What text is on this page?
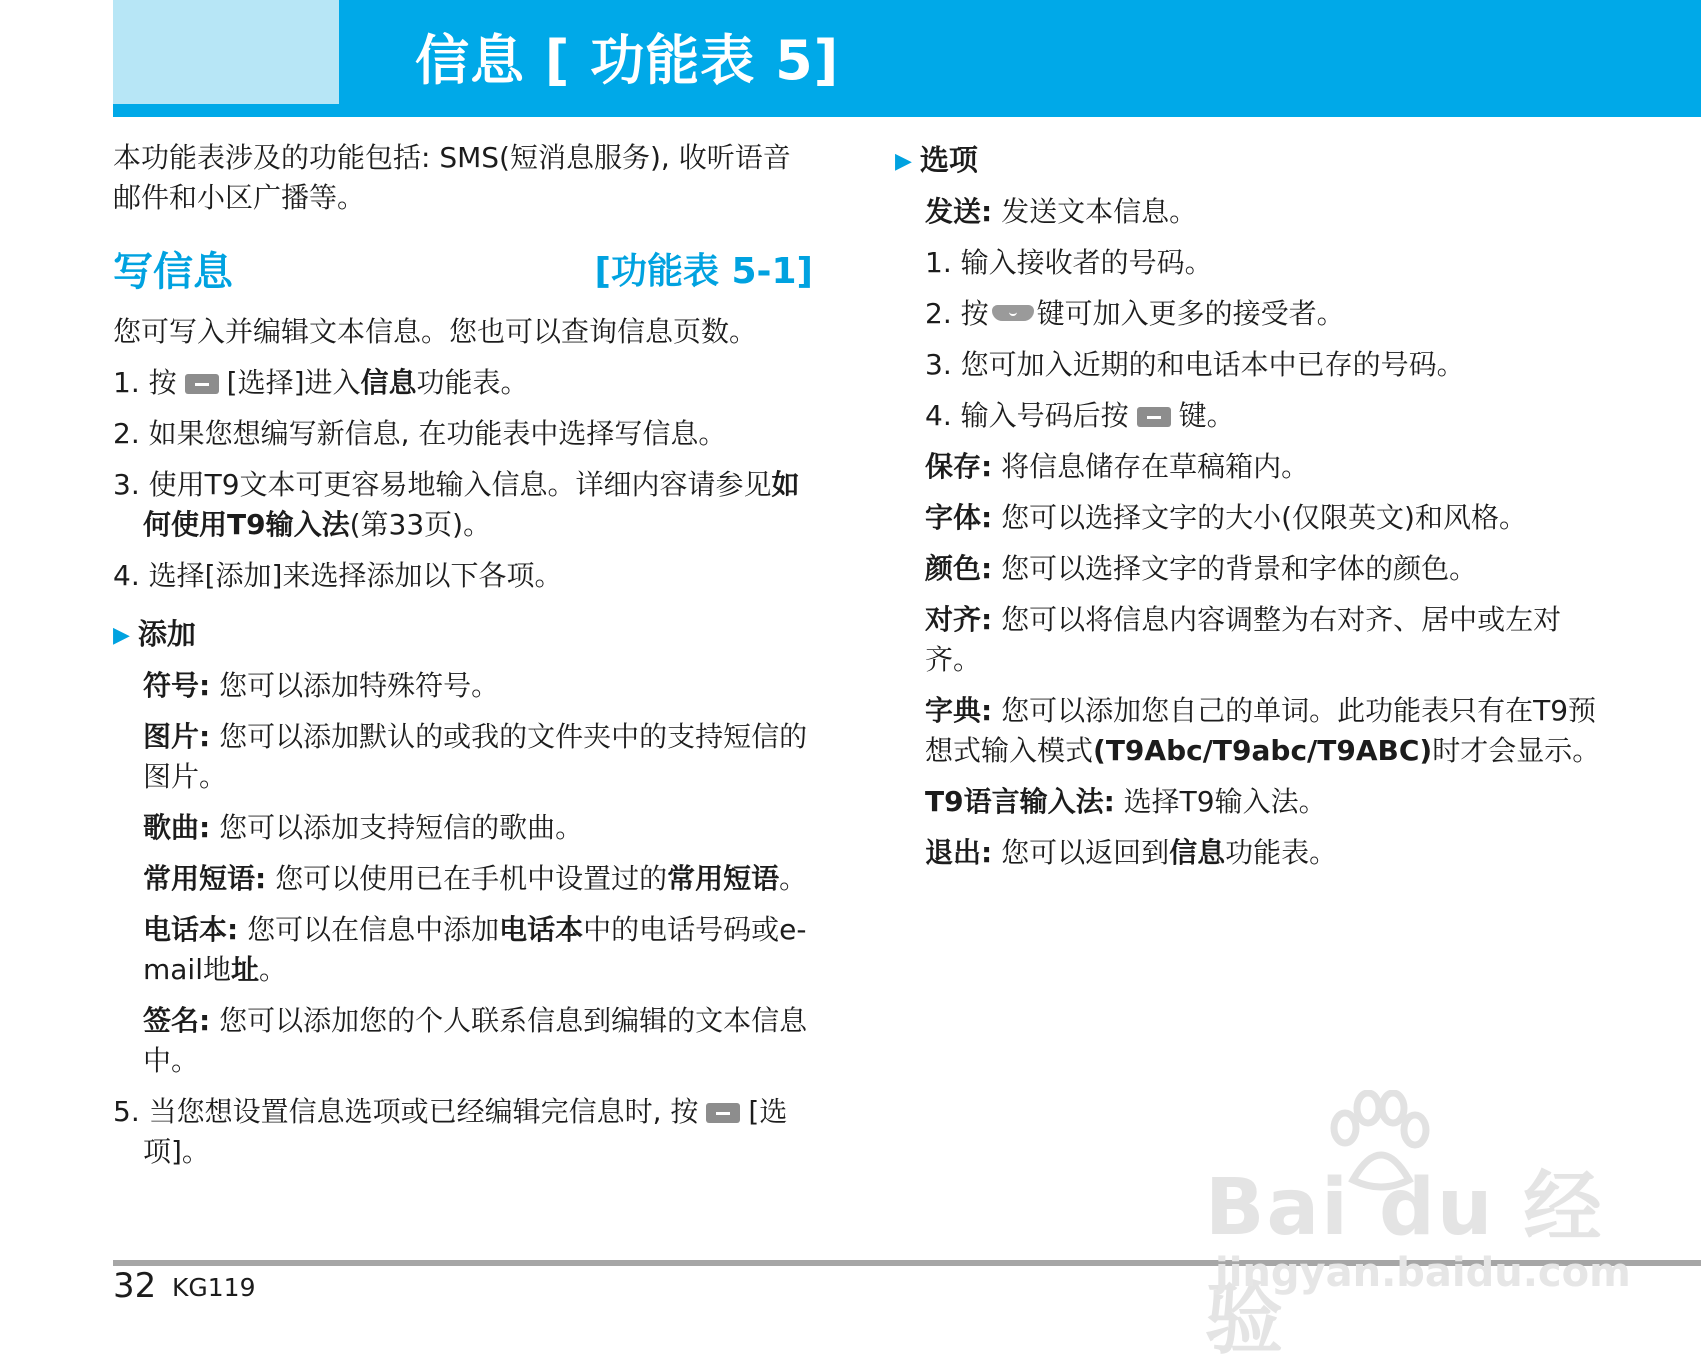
信息 [ 功能表 5]

本功能表涉及的功能包括: SMS(短消息服务), 收听语音邮件和小区广播等。

写信息	[功能表 5-1]

您可写入并编辑文本信息。您也可以查询信息页数。

1. 按 [选择]进入信息功能表。

2. 如果您想编写新信息, 在功能表中选择写信息。

3. 使用T9文本可更容易地输入信息。详细内容请参见如何使用T9输入法(第33页)。

4. 选择[添加]来选择添加以下各项。

▶ 添加

符号: 您可以添加特殊符号。

图片: 您可以添加默认的或我的文件夹中的支持短信的图片。

歌曲: 您可以添加支持短信的歌曲。

常用短语: 您可以使用已在手机中设置过的常用短语。

电话本: 您可以在信息中添加电话本中的电话号码或e-mail地址。

签名: 您可以添加您的个人联系信息到编辑的文本信息中。

5. 当您想设置信息选项或已经编辑完信息时, 按 [选项]。

▶ 选项

发送: 发送文本信息。

1. 输入接收者的号码。

2. 按 键可加入更多的接受者。

3. 您可加入近期的和电话本中已存的号码。

4. 输入号码后按 键。

保存: 将信息储存在草稿箱内。

字体: 您可以选择文字的大小(仅限英文)和风格。

颜色: 您可以选择文字的背景和字体的颜色。

对齐: 您可以将信息内容调整为右对齐、居中或左对齐。

字典: 您可以添加您自己的单词。此功能表只有在T9预想式输入模式(T9Abc/T9abc/T9ABC)时才会显示。

T9语言输入法: 选择T9输入法。

退出: 您可以返回到信息功能表。

32 KG119
Bai du 经验
jingyan.baidu.com
